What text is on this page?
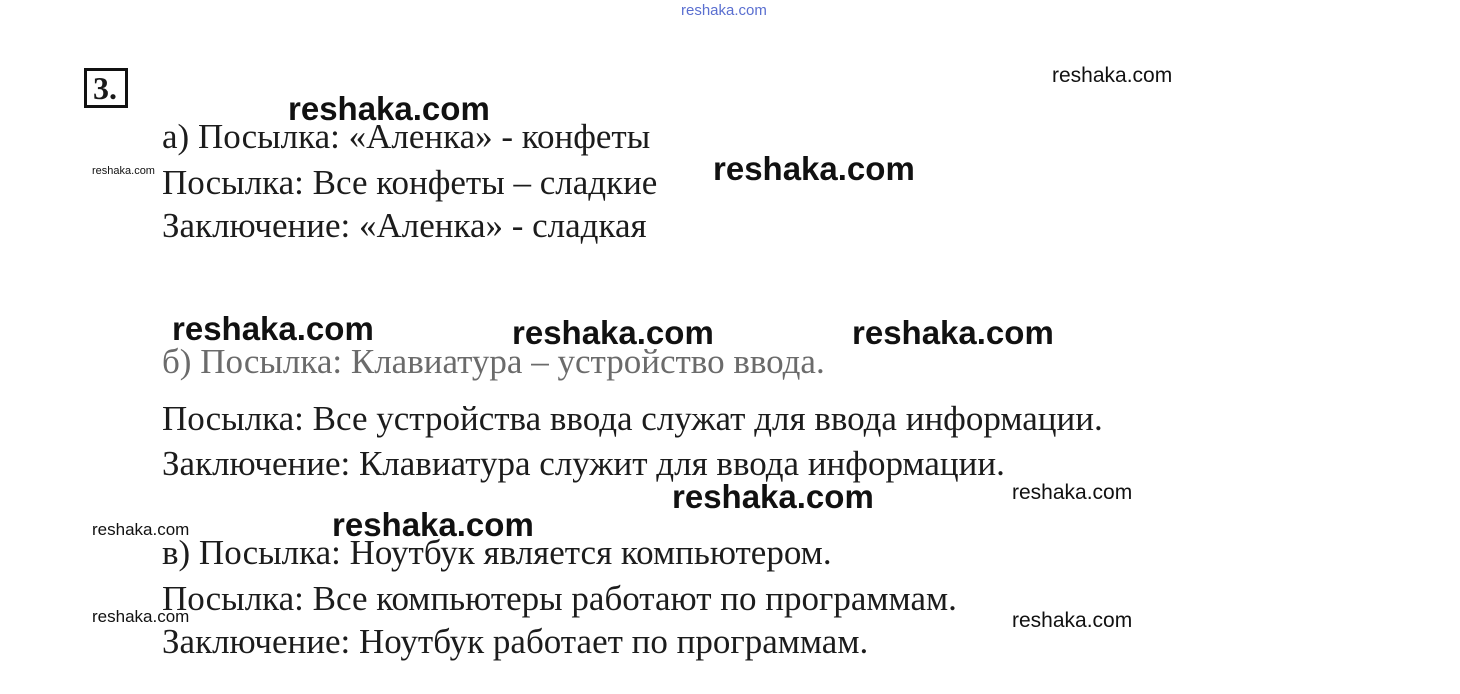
3.
а) Посылка: «Аленка» - конфеты
Посылка: Все конфеты – сладкие
Заключение: «Аленка» - сладкая
б) Посылка: Клавиатура – устройство ввода.
Посылка: Все устройства ввода служат для ввода информации.
Заключение: Клавиатура служит для ввода информации.
в) Посылка: Ноутбук является компьютером.
Посылка: Все компьютеры работают по программам.
Заключение: Ноутбук работает по программам.
reshaka.com
reshaka.com
reshaka.com
reshaka.com
reshaka.com
reshaka.com	reshaka.com	reshaka.com
reshaka.com	reshaka.com
reshaka.com
reshaka.com
reshaka.com	reshaka.com
